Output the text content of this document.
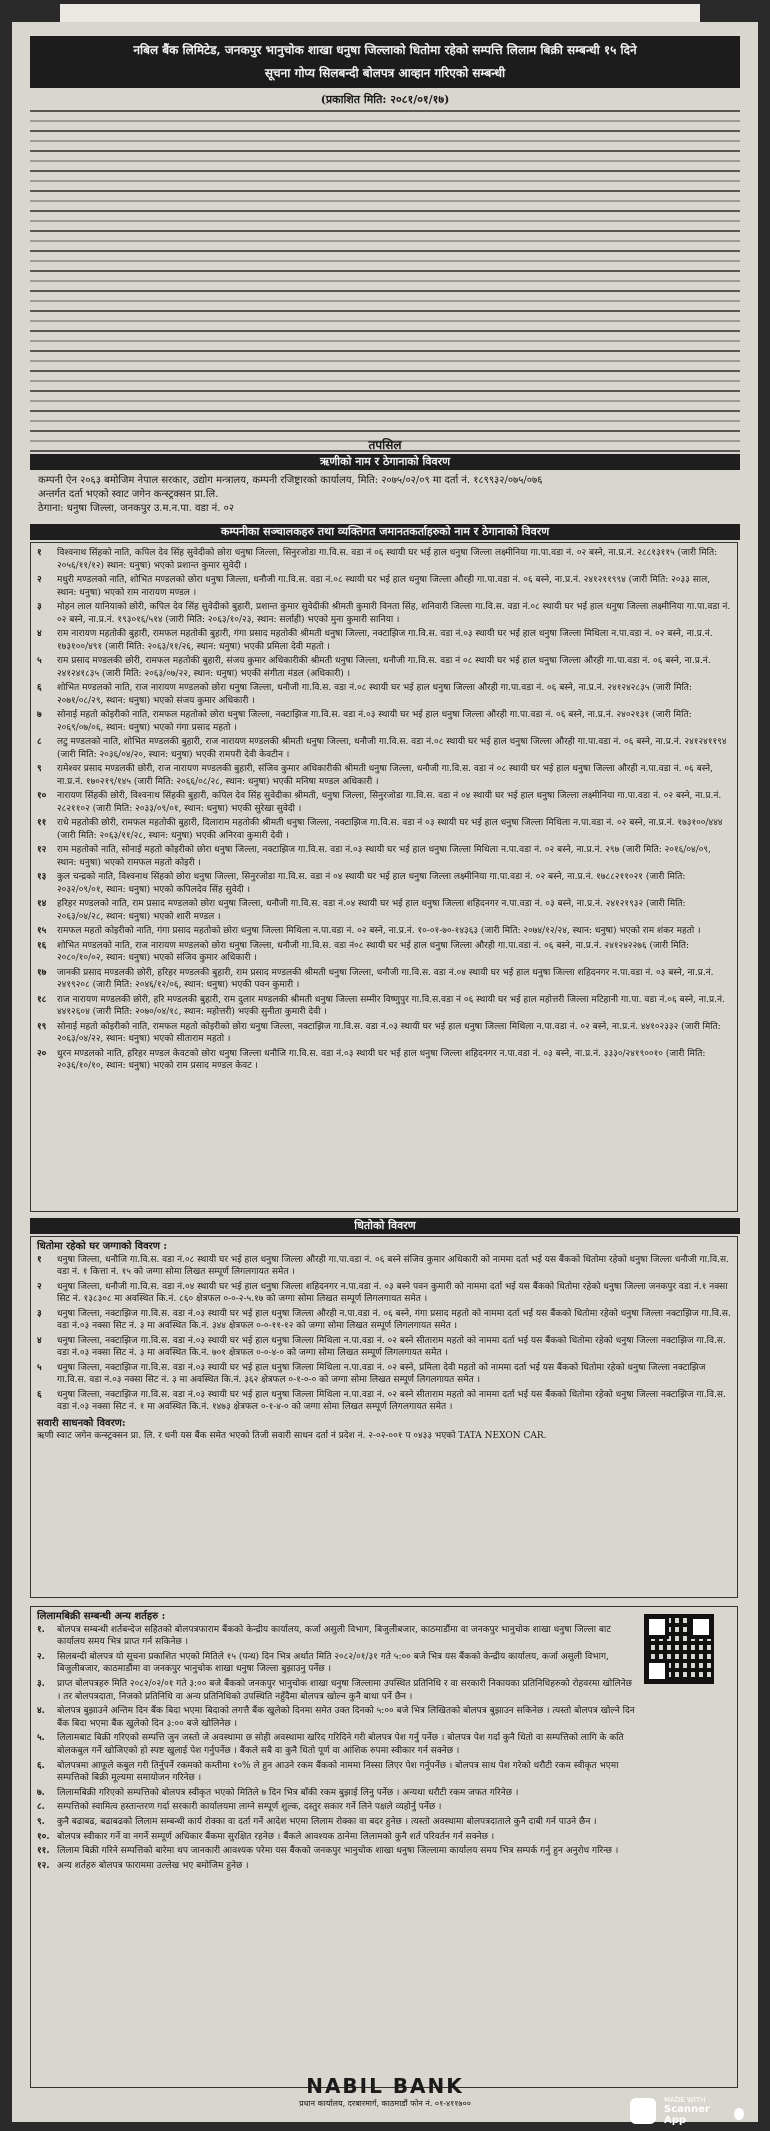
नबिल बैंक लिमिटेड, जनकपुर भानुचोक शाखा धनुषा जिल्लाको धितोमा रहेको सम्पत्ति लिलाम बिक्री सम्बन्धी १५ दिने
सूचना गोप्य सिलबन्दी बोलपत्र आव्हान गरिएको सम्बन्धी
(प्रकाशित मिति: २०८१/०१/१७)
तपसिल
ऋणीको नाम र ठेगानाको विवरण
कम्पनी ऐन २०६३ बमोजिम नेपाल सरकार, उद्योग मन्त्रालय, कम्पनी रजिष्ट्रारको कार्यालय, मिति: २०७५/०२/०९ मा दर्ता नं. १८९९३२/०७५/०७६
अन्तर्गत दर्ता भएको स्वाट जगेन कन्स्ट्रक्सन प्रा.लि.
ठेगाना: धनुषा जिल्ला, जनकपुर उ.म.न.पा. वडा नं. ०२
कम्पनीका सञ्चालकहरु तथा व्यक्तिगत जमानतकर्ताहरुको नाम र ठेगानाको विवरण
१ विश्वनाथ सिंहको नाति, कपिल देव सिंह सुवेदीको छोरा धनुषा जिल्ला, सिनुरजोडा गा.वि.स. वडा नं ०६ स्थायी घर भई हाल धनुषा जिल्ला लक्ष्मीनिया गा.पा.वडा नं. ०२ बस्ने, ना.प्र.नं. २८८१३११५ (जारी मिति: २०५६/११/१२) स्थान: धनुषा) भएको प्रशान्त कुमार सुवेदी ।
२ मधुरी मण्डलको नाति, शोभित मण्डलको छोरा धनुषा जिल्ला, धनौजी गा.वि.स. वडा नं.०८ स्थायी घर भई हाल धनुषा जिल्ला औरही गा.पा.वडा नं. ०६ बस्ने, ना.प्र.नं. २४१२११९९४ (जारी मिति: २०३३ साल, स्थान: धनुषा) भएको राम नारायण मण्डल ।
३ मोहन लाल यानियाको छोरी, कपिल देव सिंह सुवेदीको बुहारी, प्रशान्त कुमार सुवेदीकी श्रीमती कुमारी विनता सिंह, शनिवारी जिल्ला गा.वि.स. वडा नं.०८ स्थायी घर भई हाल धनुषा जिल्ला लक्ष्मीनिया गा.पा.वडा नं. ०२ बस्ने, ना.प्र.नं. १९३०१६/५१४ (जारी मिति: २०६३/१०/२३, स्थान: सर्लाही) भएको मुना कुमारी सानिया ।
४ राम नारायण महतोकी बुहारी, रामफल महतोकी बुहारी, गंगा प्रसाद महतोकी श्रीमती धनुषा जिल्ला, नक्टाझिज गा.वि.स. वडा नं.०३ स्थायी घर भई हाल धनुषा जिल्ला मिथिला न.पा.वडा नं. ०२ बस्ने, ना.प्र.नं. १७३१००/४९१ (जारी मिति: २०६३/११/२६, स्थान: धनुषा) भएकी प्रमिला देवी महतो ।
५ राम प्रसाद मण्डलकी छोरी, रामफल महतोकी बुहारी, संजय कुमार अधिकारीकी श्रीमती धनुषा जिल्ला, धनौजी गा.वि.स. वडा नं ०८ स्थायी घर भई हाल धनुषा जिल्ला औरही गा.पा.वडा नं. ०६ बस्ने, ना.प्र.नं. २४१२४१८३५ (जारी मिति: २०६३/०७/२२, स्थान: धनुषा) भएकी संगीता मंडल (अधिकारी) ।
६ शोभित मण्डलको नाति, राज नारायण मण्डलको छोरा धनुषा जिल्ला, धनौजी गा.वि.स. वडा नं.०८ स्थायी घर भई हाल धनुषा जिल्ला औरही गा.पा.वडा नं. ०६ बस्ने, ना.प्र.नं. २४१२४२८३५ (जारी मिति: २०७१/०८/२९, स्थान: धनुषा) भएको संजय कुमार अधिकारी ।
७ सोनाई महतो कोइरीको नाति, रामफल महतोको छोरा धनुषा जिल्ला, नक्टाझिज गा.वि.स. वडा नं.०३ स्थायी घर भई हाल धनुषा जिल्ला औरही गा.पा.वडा नं. ०६ बस्ने, ना.प्र.नं. २४०२१३१ (जारी मिति: २०६९/०७/०६, स्थान: धनुषा) भएको गंगा प्रसाद महतो ।
८ लटु मण्डलको नाति, शोभित मण्डलकी बुहारी, राज नारायण मण्डलकी श्रीमती धनुषा जिल्ला, धनौजी गा.वि.स. वडा नं.०८ स्थायी घर भई हाल धनुषा जिल्ला औरही गा.पा.वडा नं. ०६ बस्ने, ना.प्र.नं. २४१२४११९४ (जारी मिति: २०३६/०४/२०, स्थान: धनुषा) भएकी रामपरी देवी केवटीन ।
९ रामेश्वर प्रसाद मण्डलकी छोरी, राज नारायण मण्डलकी बुहारी, संजिव कुमार अधिकारीकी श्रीमती धनुषा जिल्ला, धनौजी गा.वि.स. वडा नं ०८ स्थायी घर भई हाल धनुषा जिल्ला औरही न.पा.वडा नं. ०६ बस्ने, ना.प्र.नं. १७०२१९/१४५ (जारी मिति: २०६६/०८/२८, स्थान: धनुषा) भएकी मनिषा मण्डल अधिकारी ।
१० नारायण सिंहकी छोरी, विश्वनाथ सिंहकी बुहारी, कपिल देव सिंह सुवेदीका श्रीमती, धनुषा जिल्ला, सिनुरजोडा गा.वि.स. वडा नं ०४ स्थायी घर भई हाल धनुषा जिल्ला लक्ष्मीनिया गा.पा.वडा नं. ०२ बस्ने, ना.प्र.नं. २८२११०२ (जारी मिति: २०३३/०९/०१, स्थान: धनुषा) भएकी सुरेखा सुवेदी ।
११ राधे महतोकी छोरी, रामफल महतोकी बुहारी, दिलाराम महतोकी श्रीमती धनुषा जिल्ला, नक्टाझिज गा.वि.स. वडा नं ०३ स्थायी घर भई हाल धनुषा जिल्ला मिथिला न.पा.वडा नं. ०२ बस्ने, ना.प्र.नं. १७३१००/४४४ (जारी मिति: २०६३/११/२८, स्थान: धनुषा) भएकी अनिरवा कुमारी देवी ।
१२ राम महतोको नाति, सोनाई महतो कोइरीको छोरा धनुषा जिल्ला, नक्टाझिज गा.वि.स. वडा नं.०३ स्थायी घर भई हाल धनुषा जिल्ला मिथिला न.पा.वडा नं. ०२ बस्ने, ना.प्र.नं. २९७ (जारी मिति: २०१६/०४/०९, स्थान: धनुषा) भएको रामफल महतो कोइरी ।
१३ कुल चन्द्रको नाति, विश्वनाथ सिंहको छोरा धनुषा जिल्ला, सिनुरजोडा गा.वि.स. वडा नं ०४ स्थायी घर भई हाल धनुषा जिल्ला लक्ष्मीनिया गा.पा.वडा नं. ०२ बस्ने, ना.प्र.नं. १७८८२११०२१ (जारी मिति: २०३२/०९/०१, स्थान: धनुषा) भएको कपिलदेव सिंह सुवेदी ।
१४ हरिहर मण्डलको नाति, राम प्रसाद मण्डलको छोरा धनुषा जिल्ला, धनौजी गा.वि.स. वडा नं.०४ स्थायी घर भई हाल धनुषा जिल्ला शहिदनगर न.पा.वडा नं. ०३ बस्ने, ना.प्र.नं. २४१२१९३२ (जारी मिति: २०६३/०४/२८, स्थान: धनुषा) भएको शारी मण्डल ।
१५ रामफल महतो कोइरीको नाति, गंगा प्रसाद महतोको छोरा धनुषा जिल्ला मिथिला न.पा.वडा नं. ०२ बस्ने, ना.प्र.नं. १०-०१-७०-१४३६३ (जारी मिति: २०७४/१२/२४, स्थान: धनुषा) भएको राम शंकर महतो ।
१६ शोभित मण्डलको नाति, राज नारायण मण्डलको छोरा धनुषा जिल्ला, धनौजी गा.वि.स. वडा नं०८ स्थायी घर भई हाल धनुषा जिल्ला औरही गा.पा.वडा नं. ०६ बस्ने, ना.प्र.नं. २४१२४२२७६ (जारी मिति: २०८०/१०/०२, स्थान: धनुषा) भएको संजिव कुमार अधिकारी ।
१७ जानकी प्रसाद मण्डलकी छोरी, हरिहर मण्डलकी बुहारी, राम प्रसाद मण्डलकी श्रीमती धनुषा जिल्ला, धनौजी गा.वि.स. वडा नं.०४ स्थायी घर भई हाल धनुषा जिल्ला शहिदनगर न.पा.वडा नं. ०३ बस्ने, ना.प्र.नं. २४१९२०८ (जारी मिति: २०४६/१२/०६, स्थान: धनुषा) भएकी पवन कुमारी ।
१८ राज नारायण मण्डलकी छोरी, हरि मण्डलकी बुहारी, राम दुलार मण्डलकी श्रीमती धनुषा जिल्ला सम्मीर विष्णुपुर गा.वि.स.वडा नं ०६ स्थायी घर भई हाल महोत्तरी जिल्ला मटिहानी गा.पा. वडा नं.०६ बस्ने, ना.प्र.नं. ४४१२६०४ (जारी मिति: २०७०/०४/१८, स्थान: महोत्तरी) भएकी सुनीता कुमारी देवी ।
१९ सोनाई महतो कोइरीको नाति, रामफल महतो कोइरीको छोरा धनुषा जिल्ला, नक्टाझिज गा.वि.स. वडा नं.०३ स्थायी घर भई हाल धनुषा जिल्ला मिथिला न.पा.वडा नं. ०२ बस्ने, ना.प्र.नं. ४४१०२३३२ (जारी मिति: २०६३/०४/२२, स्थान: धनुषा) भएको सीताराम महतो ।
२० धुरन मण्डलको नाति, हरिहर मण्डल केवटको छोरा धनुषा जिल्ला धनौजि गा.वि.स. वडा नं.०३ स्थायी घर भई हाल धनुषा जिल्ला शहिदनगर न.पा.वडा नं. ०३ बस्ने, ना.प्र.नं. ३३३०/२४१९००१० (जारी मिति: २०३६/१०/१०, स्थान: धनुषा) भएको राम प्रसाद मण्डल केवट ।
धितोको विवरण
धितोमा रहेको घर जग्गाको विवरण :
१ धनुषा जिल्ला, धनौजि गा.वि.स. वडा नं.०८ स्थायी घर भई हाल धनुषा जिल्ला औरही गा.पा.वडा नं. ०६ बस्ने संजिव कुमार अधिकारी को नाममा दर्ता भई यस बैंकको धितोमा रहेको धनुषा जिल्ला धनौजी गा.वि.स. वडा नं. १ कित्ता नं. १५ को जग्गा सोमा लिखत सम्पूर्ण लिगलगायत समेत ।
२ धनुषा जिल्ला, धनौजी गा.वि.स. वडा नं.०४ स्थायी घर भई हाल धनुषा जिल्ला शहिदनगर न.पा.वडा नं. ०३ बस्ने पवन कुमारी को नाममा दर्ता भई यस बैंकको धितोमा रहेको धनुषा जिल्ला जनकपुर वडा नं.१ नक्सा सिट नं. १३८३०८ मा अवस्थित कि.नं. ८६० क्षेत्रफल ०-०-२-५.१७ को जग्गा सोमा लिखत सम्पूर्ण लिगलगायत समेत ।
३ धनुषा जिल्ला, नक्टाझिज गा.वि.स. वडा नं.०३ स्थायी घर भई हाल धनुषा जिल्ला औरही न.पा.वडा नं. ०६ बस्ने, गंगा प्रसाद महतो को नाममा दर्ता भई यस बैंकको धितोमा रहेको धनुषा जिल्ला नक्टाझिज गा.वि.स. वडा नं.०३ नक्सा सिट नं. ३ मा अवस्थित कि.नं. ३४४ क्षेत्रफल ०-०-११-१२ को जग्गा सोमा लिखत सम्पूर्ण लिगलगायत समेत ।
४ धनुषा जिल्ला, नक्टाझिज गा.वि.स. वडा नं.०३ स्थायी घर भई हाल धनुषा जिल्ला मिथिला न.पा.वडा नं. ०२ बस्ने सीताराम महतो को नाममा दर्ता भई यस बैंकको धितोमा रहेको धनुषा जिल्ला नक्टाझिज गा.वि.स. वडा नं.०३ नक्सा सिट नं. ३ मा अवस्थित कि.नं. ७०१ क्षेत्रफल ०-०-४-० को जग्गा सोमा लिखत सम्पूर्ण लिगलगायत समेत ।
५ धनुषा जिल्ला, नक्टाझिज गा.वि.स. वडा नं.०३ स्थायी घर भई हाल धनुषा जिल्ला मिथिला न.पा.वडा नं. ०२ बस्ने, प्रमिला देवी महतो को नाममा दर्ता भई यस बैंकको धितोमा रहेको धनुषा जिल्ला नक्टाझिज गा.वि.स. वडा नं.०३ नक्सा सिट नं. ३ मा अवस्थित कि.नं. ३६२ क्षेत्रफल ०-१-०-० को जग्गा सोमा लिखत सम्पूर्ण लिगलगायत समेत ।
६ धनुषा जिल्ला, नक्टाझिज गा.वि.स. वडा नं.०३ स्थायी घर भई हाल धनुषा जिल्ला मिथिला न.पा.वडा नं. ०२ बस्ने सीताराम महतो को नाममा दर्ता भई यस बैंकको धितोमा रहेको धनुषा जिल्ला नक्टाझिज गा.वि.स. वडा नं.०३ नक्सा सिट नं. १ मा अवस्थित कि.नं. १४७३ क्षेत्रफल ०-१-४-० को जग्गा सोमा लिखत सम्पूर्ण लिगलगायत समेत ।
सवारी साधनको विवरण:
ऋणी स्वाट जगेन कन्स्ट्रक्सन प्रा. लि. र धनी यस बैंक समेत भएको तिजी सवारी साधन दर्ता नं प्रदेश नं. २-०२-००१ प ०४३३ भएको TATA NEXON CAR.
लिलामबिक्री सम्बन्धी अन्य शर्तहरु :
१. बोलपत्र सम्बन्धी शर्तबन्देज सहितको बोलपत्रफाराम बैंकको केन्द्रीय कार्यालय, कर्जा असुली विभाग, बिजुलीबजार, काठमाडौंमा वा जनकपुर भानुचोक शाखा धनुषा जिल्ला बाट कार्यालय समय भित्र प्राप्त गर्न सकिनेछ ।
२. सिलबन्दी बोलपत्र यो सूचना प्रकाशित भएको मितिले १५ (पन्ध) दिन भित्र अर्थात मिति २०८२/०१/३१ गते ५:०० बजे भित्र यस बैंकको केन्द्रीय कार्यालय, कर्जा असुली विभाग, बिजुलीबजार, काठमाडौंमा वा जनकपुर भानुचोक शाखा धनुषा जिल्ला बुझाउनु पर्नेछ ।
३. प्राप्त बोलपत्रहरु मिति २०८२/०२/०१ गते ३:०० बजे बैंकको जनकपुर भानुचोक शाखा धनुषा जिल्लामा उपस्थित प्रतिनिधि र वा सरकारी निकायका प्रतिनिधिहरुको रोहवरमा खोलिनेछ । तर बोलपत्रदाता, निजको प्रतिनिधि वा अन्य प्रतिनिधिको उपस्थिति नहुँदैमा बोलपत्र खोल्न कुनै बाधा पर्ने छैन ।
४. बोलपत्र बुझाउने अन्तिम दिन बैंक बिदा भएमा बिदाको लगत्तै बैंक खुलेको दिनमा समेत उक्त दिनको ५:०० बजे भित्र लिखितको बोलपत्र बुझाउन सकिनेछ । त्यस्तो बोलपत्र खोल्ने दिन बैंक बिदा भएमा बैंक खुलेको दिन ३:०० बजे खोलिनेछ ।
५. लिलामबाट बिक्री गरिएको सम्पत्ति जुन जस्तो जे अवस्थामा छ सोही अवस्थामा खरिद गरिदिने गरी बोलपत्र पेश गर्नु पर्नेछ । बोलपत्र पेश गर्दा कुनै धितो वा सम्पत्तिको लागि के कति बोलकबुल गर्ने खोजिएको हो स्पष्ट खुलाई पेश गर्नुपर्नेछ । बैंकले सबै वा कुनै धितो पूर्ण वा आंशिक रुपमा स्वीकार गर्न सक्नेछ ।
६. बोलपत्रमा आफूले कबुल गरी तिर्नुपर्ने रकमको कम्तीमा १०% ले हुन आउने रकम बैंकको नाममा निस्सा लिएर पेश गर्नुपर्नेछ । बोलपत्र साथ पेश गरेको धरौटी रकम स्वीकृत भएमा सम्पत्तिको बिक्री मूल्यमा समायोजन गरिनेछ ।
७. लिलामबिक्री गरिएको सम्पत्तिको बोलपत्र स्वीकृत भएको मितिले ७ दिन भित्र बाँकी रकम बुझाई लिनु पर्नेछ । अन्यथा धरौटी रकम जफत गरिनेछ ।
८. सम्पत्तिको स्वामित्व हस्तान्तरण गर्दा सरकारी कार्यालयमा लाग्ने सम्पूर्ण शुल्क, दस्तुर सकार गर्ने लिने पक्षले व्यहोर्नु पर्नेछ ।
९. कुनै बढाबढ, बढाबढको लिलाम सम्बन्धी कार्य रोक्का वा दर्ता गर्ने आदेश भएमा लिलाम रोक्का वा बदर हुनेछ । त्यस्तो अवस्थामा बोलपत्रदाताले कुनै दाबी गर्न पाउने छैन ।
१०. बोलपत्र स्वीकार गर्ने वा नगर्ने सम्पूर्ण अधिकार बैंकमा सुरक्षित रहनेछ । बैंकले आवश्यक ठानेमा लिलामको कुनै शर्त परिवर्तन गर्न सक्नेछ ।
११. लिलाम बिक्री गरिने सम्पत्तिको बारेमा थप जानकारी आवश्यक परेमा यस बैंकको जनकपुर भानुचोक शाखा धनुषा जिल्लामा कार्यालय समय भित्र सम्पर्क गर्नु हुन अनुरोध गरिन्छ ।
१२. अन्य शर्तहरु बोलपत्र फाराममा उल्लेख भए बमोजिम हुनेछ ।
NABIL BANK
प्रधान कार्यालय, दरबारमार्ग, काठमाडौं फोन नं. ०१-४११७००	MADE WITH
Scanner
App
